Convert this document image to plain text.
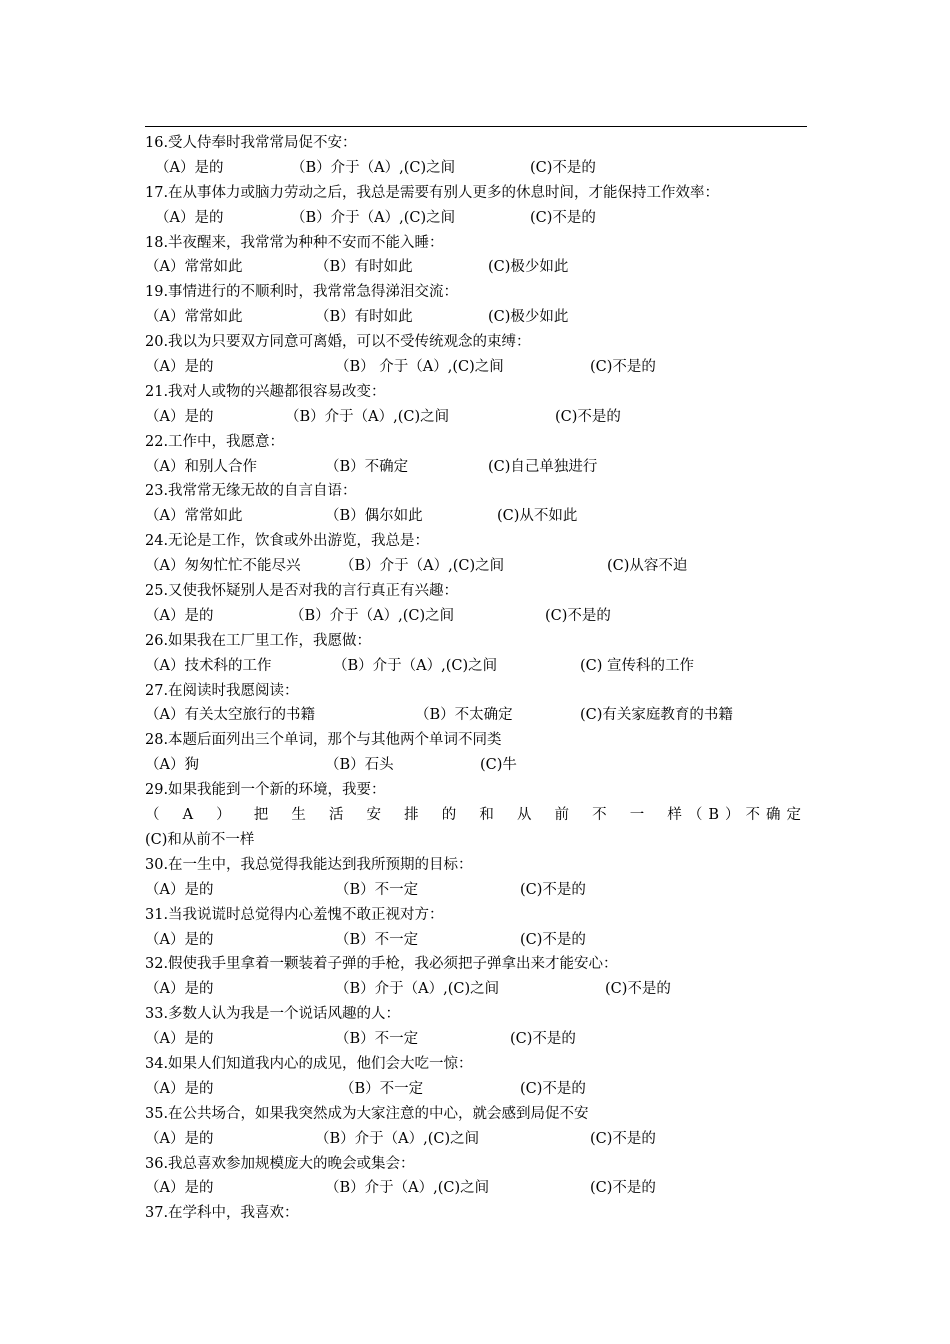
16.受人侍奉时我常常局促不安：
（A）是的	（B）介于（A）,(C)之间	(C)不是的
17.在从事体力或脑力劳动之后，我总是需要有别人更多的休息时间，才能保持工作效率：
（A）是的	（B）介于（A）,(C)之间	(C)不是的
18.半夜醒来，我常常为种种不安而不能入睡：
（A）常常如此	（B）有时如此	(C)极少如此
19.事情进行的不顺利时，我常常急得涕泪交流：
（A）常常如此	（B）有时如此	(C)极少如此
20.我以为只要双方同意可离婚，可以不受传统观念的束缚：
（A）是的	（B） 介于（A）,(C)之间	(C)不是的
21.我对人或物的兴趣都很容易改变：
（A）是的	（B）介于（A）,(C)之间	(C)不是的
22.工作中，我愿意：
（A）和别人合作	（B）不确定	(C)自己单独进行
23.我常常无缘无故的自言自语：
（A）常常如此	（B）偶尔如此	(C)从不如此
24.无论是工作，饮食或外出游览，我总是：
（A）匆匆忙忙不能尽兴	（B）介于（A）,(C)之间	(C)从容不迫
25.又使我怀疑别人是否对我的言行真正有兴趣：
（A）是的	（B）介于（A）,(C)之间	(C)不是的
26.如果我在工厂里工作，我愿做：
（A）技术科的工作	（B）介于（A）,(C)之间	(C) 宣传科的工作
27.在阅读时我愿阅读：
（A）有关太空旅行的书籍	（B）不太确定	(C)有关家庭教育的书籍
28.本题后面列出三个单词，那个与其他两个单词不同类
（A）狗	（B）石头	(C)牛
29.如果我能到一个新的环境，我要：
（A）把生活安排的和从前不一样 （B）不确定
(C)和从前不一样
30.在一生中，我总觉得我能达到我所预期的目标：
（A）是的	（B）不一定	(C)不是的
31.当我说谎时总觉得内心羞愧不敢正视对方：
（A）是的	（B）不一定	(C)不是的
32.假使我手里拿着一颗装着子弹的手枪，我必须把子弹拿出来才能安心：
（A）是的	（B）介于（A）,(C)之间	(C)不是的
33.多数人认为我是一个说话风趣的人：
（A）是的	（B）不一定	(C)不是的
34.如果人们知道我内心的成见，他们会大吃一惊：
（A）是的	（B）不一定	(C)不是的
35.在公共场合，如果我突然成为大家注意的中心，就会感到局促不安
（A）是的	（B）介于（A）,(C)之间	(C)不是的
36.我总喜欢参加规模庞大的晚会或集会：
（A）是的	（B）介于（A）,(C)之间	(C)不是的
37.在学科中，我喜欢：
